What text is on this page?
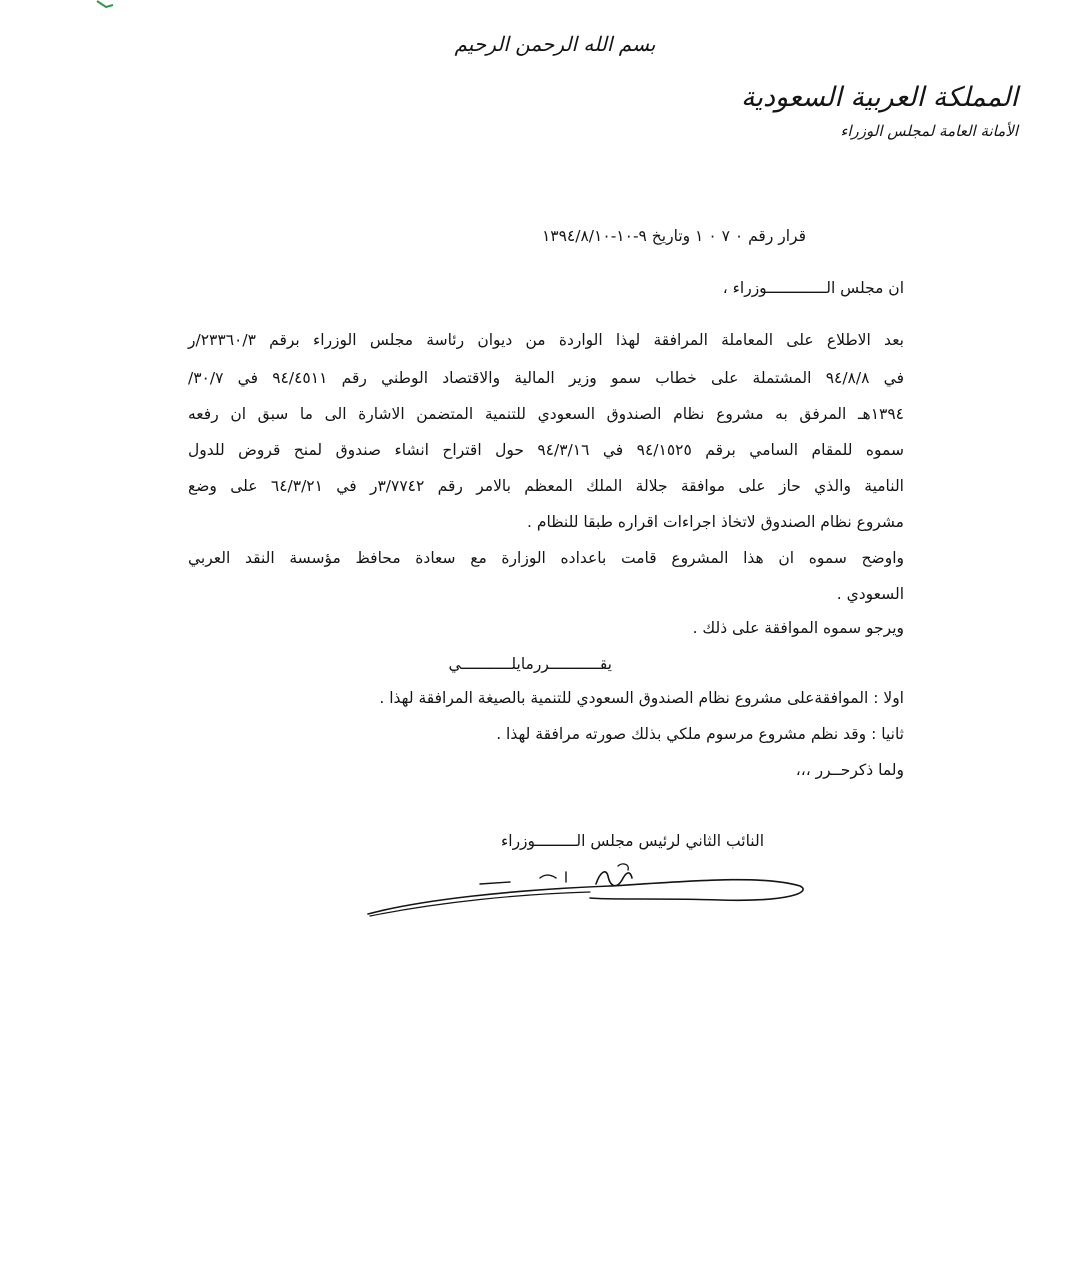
بسم الله الرحمن الرحيم
المملكة العربية السعودية
الأمانة العامة لمجلس الوزراء
قرار رقم ٠ ٧ ٠ ١ وتاريخ ٩-١٠-١٣٩٤/٨/١٠
ان مجلس الـــــــــــــوزراء ،
بعد الاطلاع على المعاملة المرافقة لهذا الواردة من ديوان رئاسة مجلس الوزراء برقم ٢٣٣٦٠/٣/ر
في ٩٤/٨/٨ المشتملة على خطاب سمو وزير المالية والاقتصاد الوطني رقم ٩٤/٤٥١١ في ٣٠/٧/
١٣٩٤هـ المرفق به مشروع نظام الصندوق السعودي للتنمية المتضمن الاشارة الى ما سبق ان رفعه
سموه للمقام السامي برقم ٩٤/١٥٢٥ في ٩٤/٣/١٦ حول اقتراح انشاء صندوق لمنح قروض للدول
النامية والذي حاز على موافقة جلالة الملك المعظم بالامر رقم ٣/٧٧٤٢ر في ٦٤/٣/٢١ على وضع
مشروع نظام الصندوق لاتخاذ اجراءات اقراره طبقا للنظام .
واوضح سموه ان هذا المشروع قامت باعداده الوزارة مع سعادة محافظ مؤسسة النقد العربي
السعودي .
ويرجو سموه الموافقة على ذلك .
يقـــــــــــررمايلـــــــــــي
اولا : الموافقةعلى مشروع نظام الصندوق السعودي للتنمية بالصيغة المرافقة لهذا .
ثانيا : وقد نظم مشروع مرسوم ملكي بذلك صورته مرافقة لهذا .
ولما ذكرحــرر ،،،
النائب الثاني لرئيس مجلس الـــــــــوزراء
